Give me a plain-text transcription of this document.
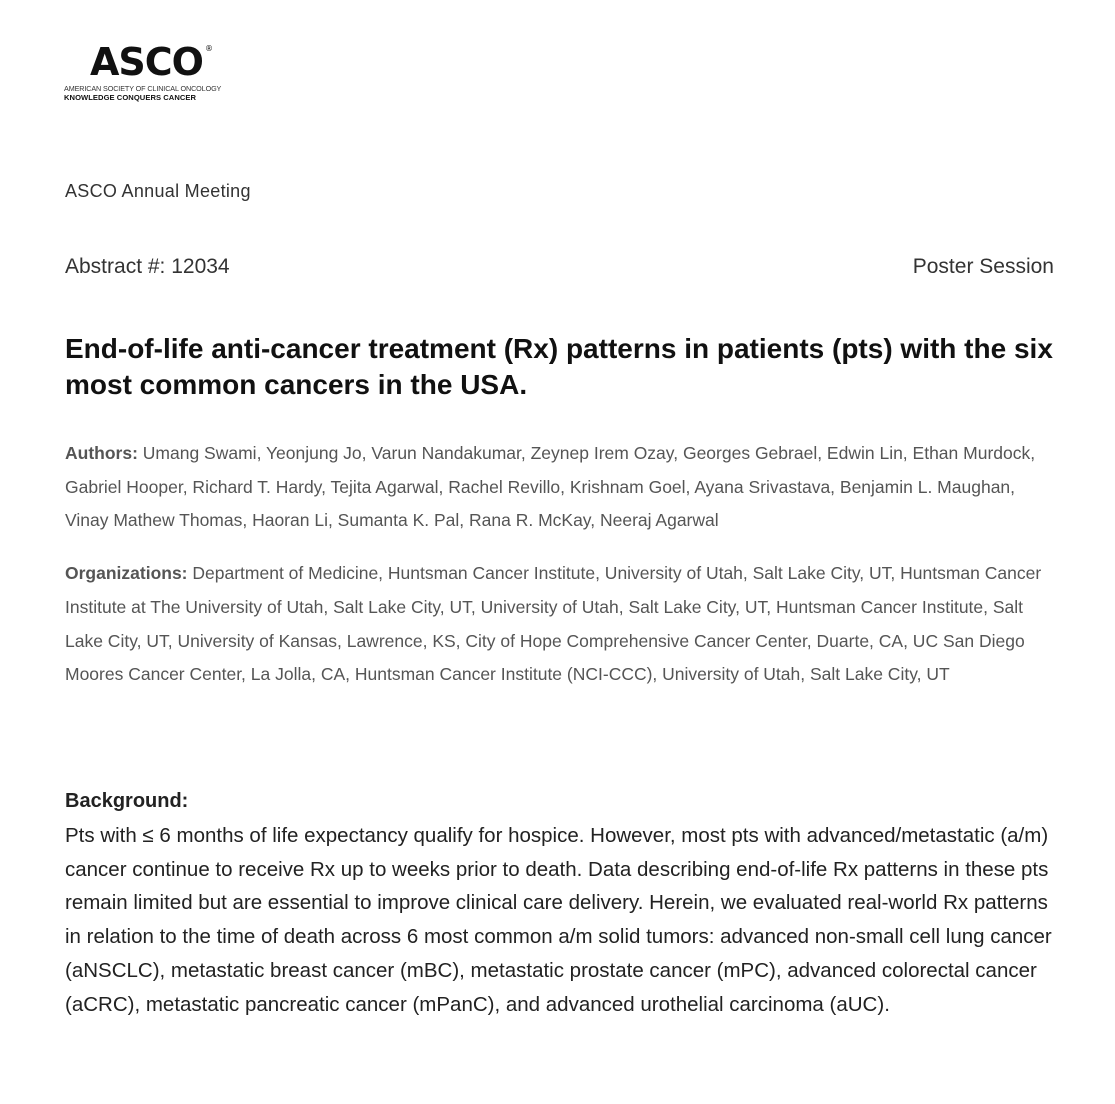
ASCO ®
AMERICAN SOCIETY OF CLINICAL ONCOLOGY
KNOWLEDGE CONQUERS CANCER
ASCO Annual Meeting
Abstract #: 12034	Poster Session
End-of-life anti-cancer treatment (Rx) patterns in patients (pts) with the six most common cancers in the USA.
Authors: Umang Swami, Yeonjung Jo, Varun Nandakumar, Zeynep Irem Ozay, Georges Gebrael, Edwin Lin, Ethan Murdock, Gabriel Hooper, Richard T. Hardy, Tejita Agarwal, Rachel Revillo, Krishnam Goel, Ayana Srivastava, Benjamin L. Maughan, Vinay Mathew Thomas, Haoran Li, Sumanta K. Pal, Rana R. McKay, Neeraj Agarwal
Organizations: Department of Medicine, Huntsman Cancer Institute, University of Utah, Salt Lake City, UT, Huntsman Cancer Institute at The University of Utah, Salt Lake City, UT, University of Utah, Salt Lake City, UT, Huntsman Cancer Institute, Salt Lake City, UT, University of Kansas, Lawrence, KS, City of Hope Comprehensive Cancer Center, Duarte, CA, UC San Diego Moores Cancer Center, La Jolla, CA, Huntsman Cancer Institute (NCI-CCC), University of Utah, Salt Lake City, UT
Background:
Pts with ≤ 6 months of life expectancy qualify for hospice. However, most pts with advanced/metastatic (a/m) cancer continue to receive Rx up to weeks prior to death. Data describing end-of-life Rx patterns in these pts remain limited but are essential to improve clinical care delivery. Herein, we evaluated real-world Rx patterns in relation to the time of death across 6 most common a/m solid tumors: advanced non-small cell lung cancer (aNSCLC), metastatic breast cancer (mBC), metastatic prostate cancer (mPC), advanced colorectal cancer (aCRC), metastatic pancreatic cancer (mPanC), and advanced urothelial carcinoma (aUC).
